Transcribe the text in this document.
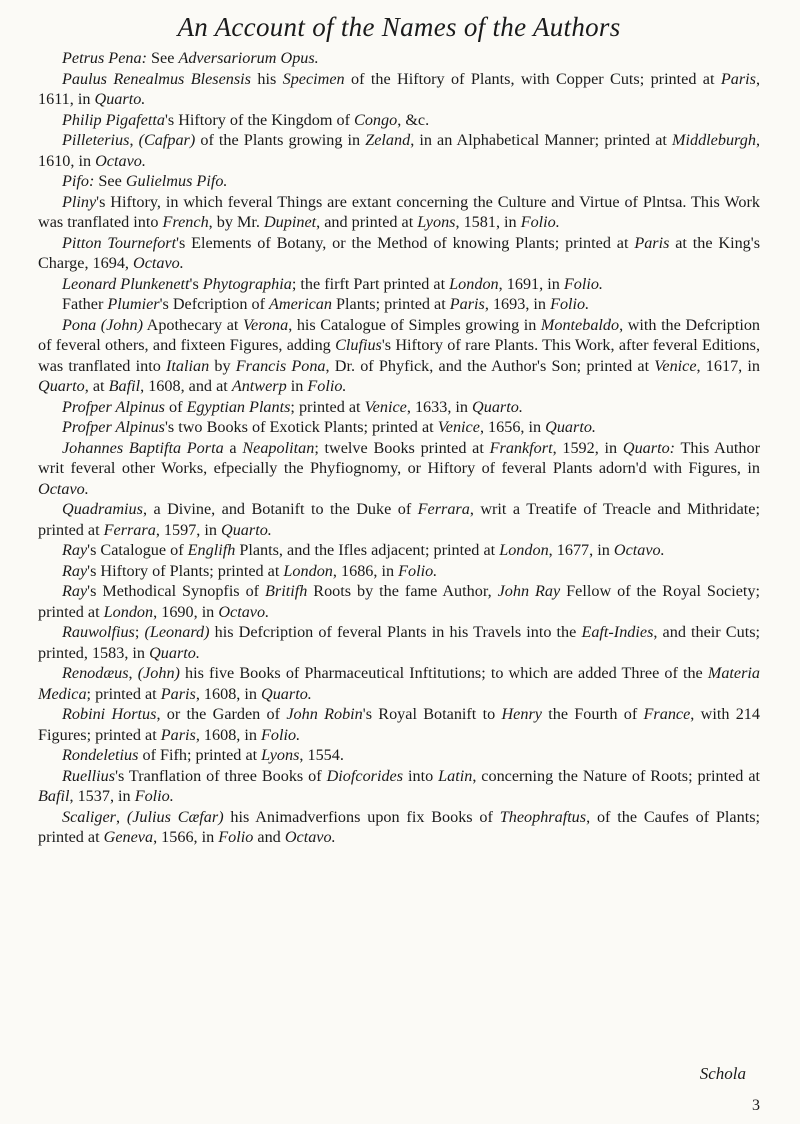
An Account of the Names of the Authors

Petrus Pena: See Adversariorum Opus.

Paulus Renealmus Blesensis his Specimen of the Hiftory of Plants, with Copper Cuts; printed at Paris, 1611, in Quarto.

Philip Pigafetta's Hiftory of the Kingdom of Congo, &c.

Pilleterius, (Cafpar) of the Plants growing in Zeland, in an Alphabetical Manner; printed at Middleburgh, 1610, in Octavo.

Pifo: See Gulielmus Pifo.

Pliny's Hiftory, in which feveral Things are extant concerning the Culture and Virtue of Plntsa. This Work was tranflated into French, by Mr. Dupinet, and printed at Lyons, 1581, in Folio.

Pitton Tournefort's Elements of Botany, or the Method of knowing Plants; printed at Paris at the King's Charge, 1694, Octavo.

Leonard Plunkenett's Phytographia; the firft Part printed at London, 1691, in Folio.

Father Plumier's Defcription of American Plants; printed at Paris, 1693, in Folio.

Pona (John) Apothecary at Verona, his Catalogue of Simples growing in Montebaldo, with the Defcription of feveral others, and fixteen Figures, adding Clufius's Hiftory of rare Plants. This Work, after feveral Editions, was tranflated into Italian by Francis Pona, Dr. of Phyfick, and the Author's Son; printed at Venice, 1617, in Quarto, at Bafil, 1608, and at Antwerp in Folio.

Profper Alpinus of Egyptian Plants; printed at Venice, 1633, in Quarto.

Profper Alpinus's two Books of Exotick Plants; printed at Venice, 1656, in Quarto.

Johannes Baptifta Porta a Neapolitan; twelve Books printed at Frankfort, 1592, in Quarto: This Author writ feveral other Works, efpecially the Phyfiognomy, or Hiftory of feveral Plants adorn'd with Figures, in Octavo.

Quadramius, a Divine, and Botanift to the Duke of Ferrara, writ a Treatife of Treacle and Mithridate; printed at Ferrara, 1597, in Quarto.

Ray's Catalogue of Englifh Plants, and the Ifles adjacent; printed at London, 1677, in Octavo.

Ray's Hiftory of Plants; printed at London, 1686, in Folio.

Ray's Methodical Synopfis of Britifh Roots by the fame Author, John Ray Fellow of the Royal Society; printed at London, 1690, in Octavo.

Rauwolfius; (Leonard) his Defcription of feveral Plants in his Travels into the Eaft-Indies, and their Cuts; printed, 1583, in Quarto.

Renodæus, (John) his five Books of Pharmaceutical Inftitutions; to which are added Three of the Materia Medica; printed at Paris, 1608, in Quarto.

Robini Hortus, or the Garden of John Robin's Royal Botanift to Henry the Fourth of France, with 214 Figures; printed at Paris, 1608, in Folio.

Rondeletius of Fifh; printed at Lyons, 1554.

Ruellius's Tranflation of three Books of Diofcorides into Latin, concerning the Nature of Roots; printed at Bafil, 1537, in Folio.

Scaliger, (Julius Cæfar) his Animadverfions upon fix Books of Theophraftus, of the Caufes of Plants; printed at Geneva, 1566, in Folio and Octavo.

Schola
3
